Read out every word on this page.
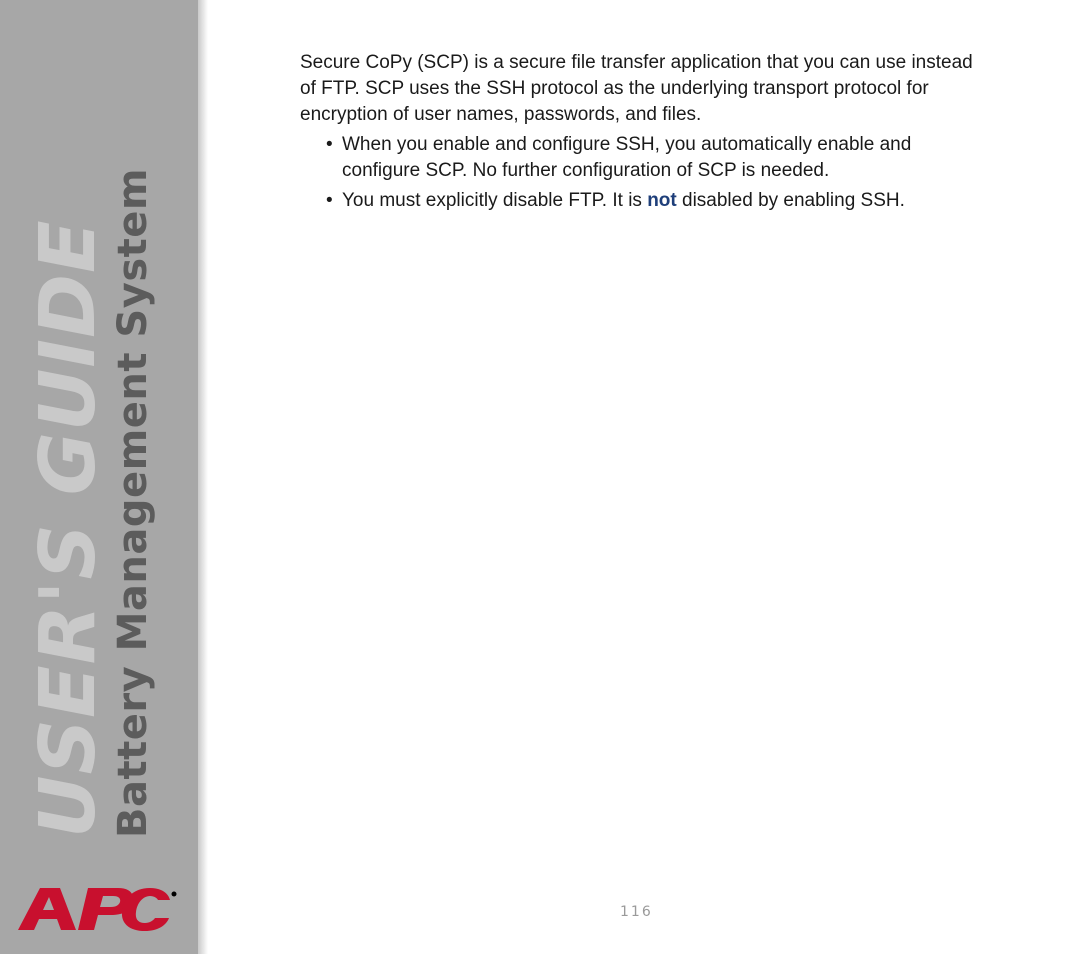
USER'S GUIDE
Battery Management System

Secure CoPy (SCP) is a secure file transfer application that you can use instead of FTP. SCP uses the SSH protocol as the underlying transport protocol for encryption of user names, passwords, and files.

• When you enable and configure SSH, you automatically enable and configure SCP. No further configuration of SCP is needed.
• You must explicitly disable FTP. It is not disabled by enabling SSH.
116
